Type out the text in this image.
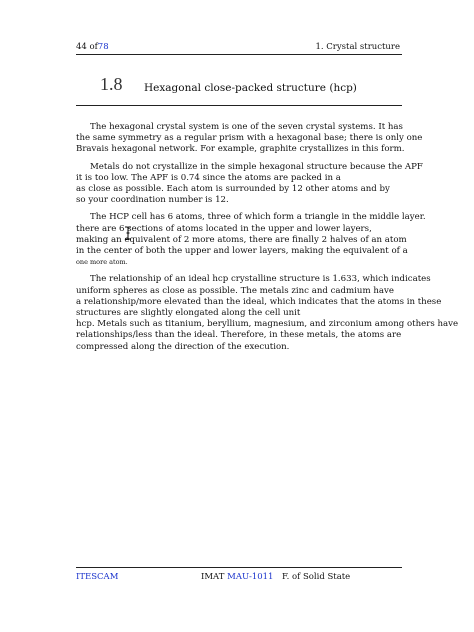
44 of78	1. Crystal structure
1.8 Hexagonal close-packed structure (hcp)

The hexagonal crystal system is one of the seven crystal systems. It has
the same symmetry as a regular prism with a hexagonal base; there is only one
Bravais hexagonal network. For example, graphite crystallizes in this form.

Metals do not crystallize in the simple hexagonal structure because the APF
it is too low. The APF is 0.74 since the atoms are packed in a
as close as possible. Each atom is surrounded by 12 other atoms and by
so your coordination number is 12.

The HCP cell has 6 atoms, three of which form a triangle in the middle layer.
there are 6 sections of atoms located in the upper and lower layers,
making an equivalent of 2 more atoms, there are finally 2 halves of an atom
in the center of both the upper and lower layers, making the equivalent of a
one more atom.

The relationship of an ideal hcp crystalline structure is 1.633, which indicates
uniform spheres as close as possible. The metals zinc and cadmium have
a relationship/more elevated than the ideal, which indicates that the atoms in these
structures are slightly elongated along the cell unit
hcp. Metals such as titanium, beryllium, magnesium, and zirconium among others have
relationships/less than the ideal. Therefore, in these metals, the atoms are
compressed along the direction of the execution.

ITESCAM	IMAT MAU-1011 F. of Solid State
